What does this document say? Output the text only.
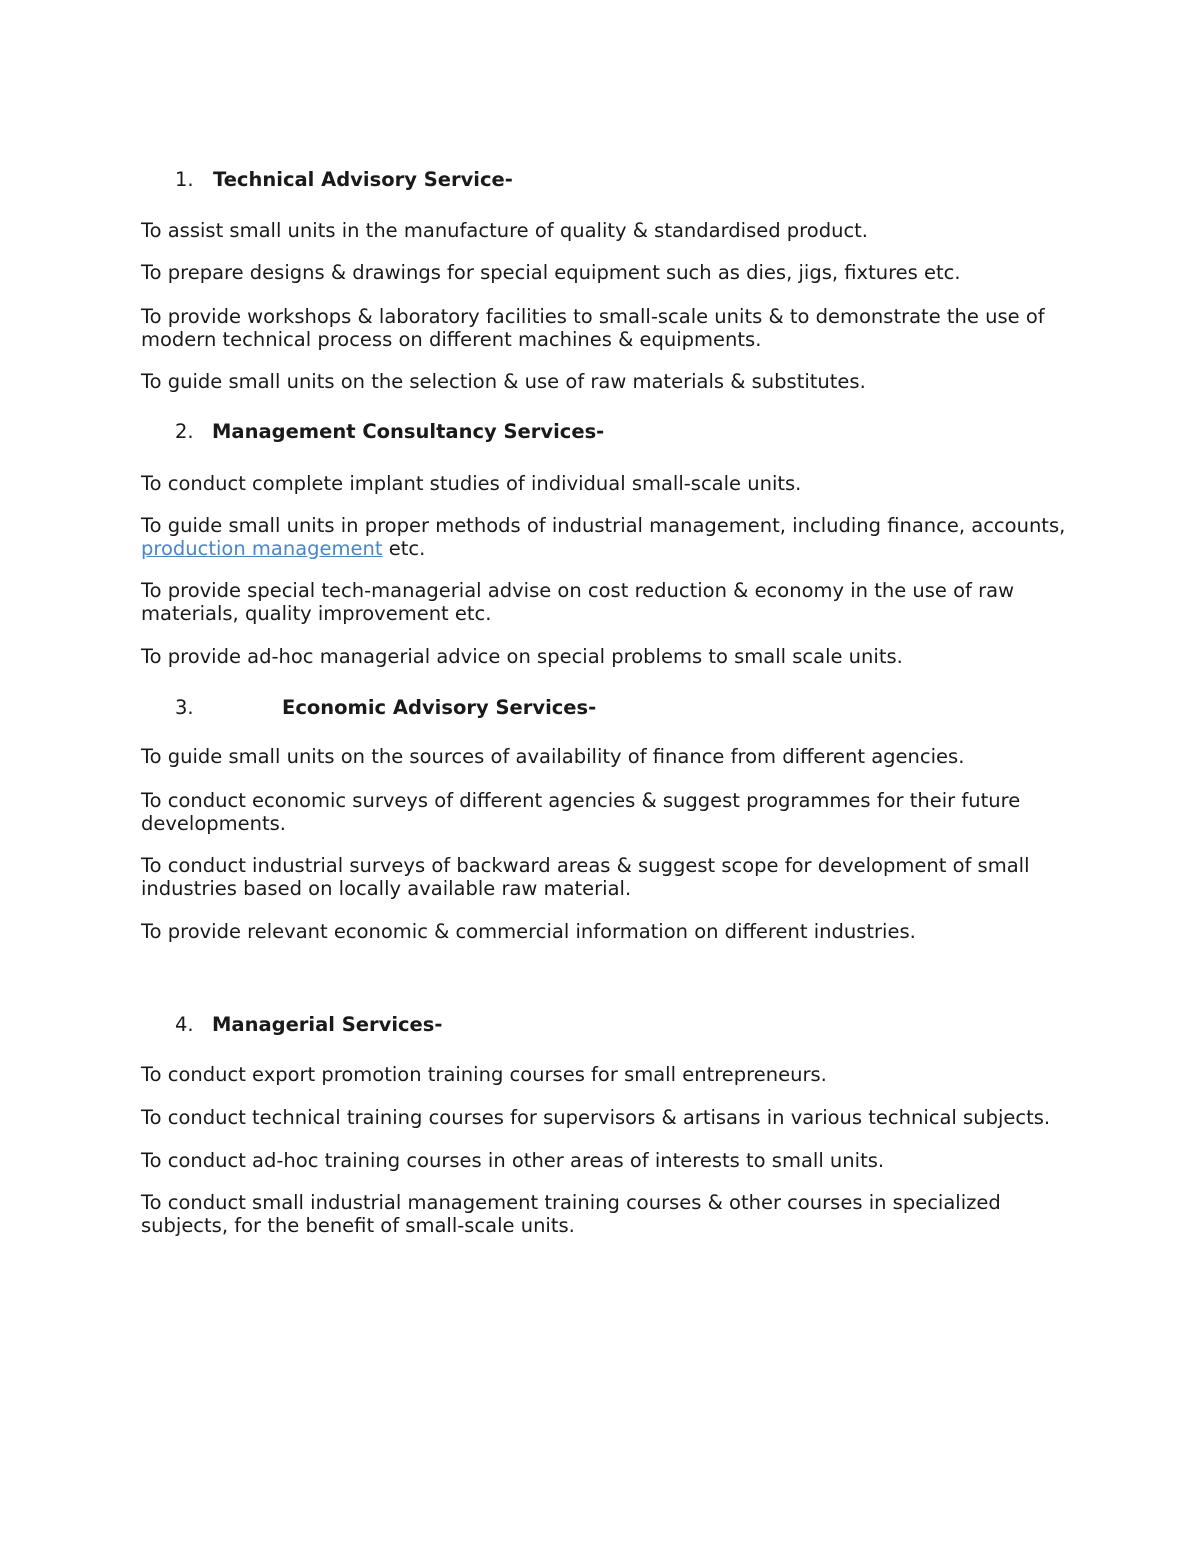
1. Technical Advisory Service-

To assist small units in the manufacture of quality & standardised product.

To prepare designs & drawings for special equipment such as dies, jigs, fixtures etc.

To provide workshops & laboratory facilities to small-scale units & to demonstrate the use of modern technical process on different machines & equipments.

To guide small units on the selection & use of raw materials & substitutes.

2. Management Consultancy Services-

To conduct complete implant studies of individual small-scale units.

To guide small units in proper methods of industrial management, including finance, accounts, production management etc.

To provide special tech-managerial advise on cost reduction & economy in the use of raw materials, quality improvement etc.

To provide ad-hoc managerial advice on special problems to small scale units.

3.	Economic Advisory Services-

To guide small units on the sources of availability of finance from different agencies.

To conduct economic surveys of different agencies & suggest programmes for their future developments.

To conduct industrial surveys of backward areas & suggest scope for development of small industries based on locally available raw material.

To provide relevant economic & commercial information on different industries.

4. Managerial Services-

To conduct export promotion training courses for small entrepreneurs.

To conduct technical training courses for supervisors & artisans in various technical subjects.

To conduct ad-hoc training courses in other areas of interests to small units.

To conduct small industrial management training courses & other courses in specialized subjects, for the benefit of small-scale units.
